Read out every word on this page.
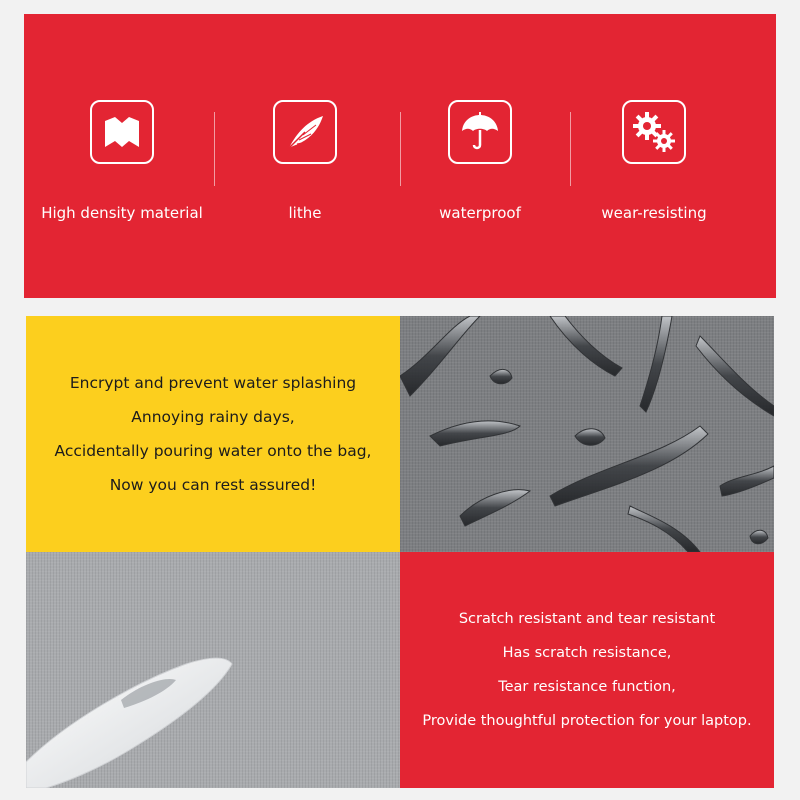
High density material	lithe	waterproof	wear-resisting
Encrypt and prevent water splashing
Annoying rainy days,
Accidentally pouring water onto the bag,
Now you can rest assured!
Scratch resistant and tear resistant
Has scratch resistance,
Tear resistance function,
Provide thoughtful protection for your laptop.
